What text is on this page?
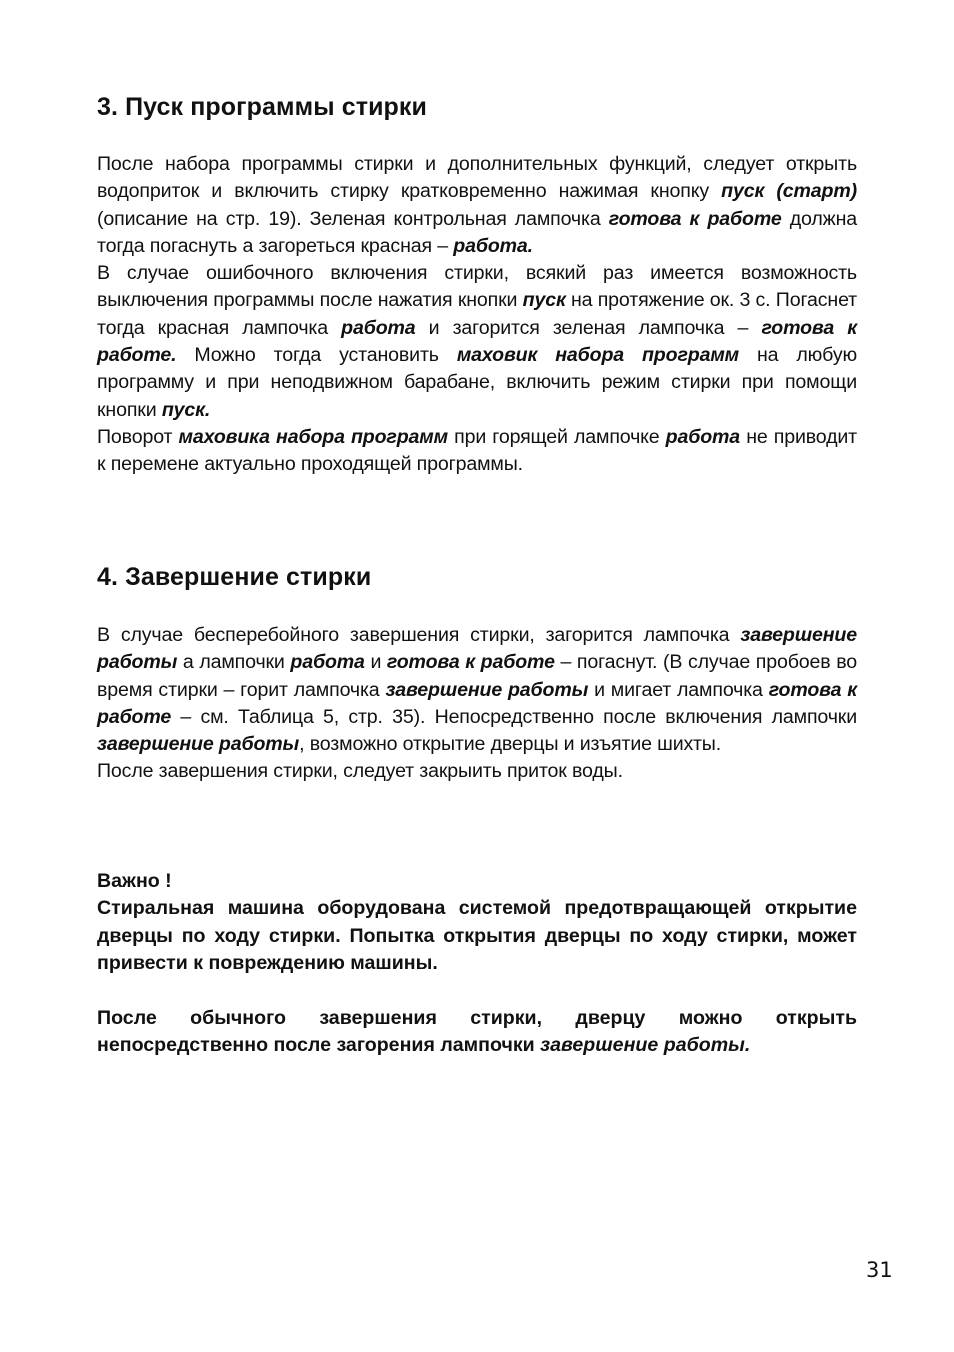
3. Пуск программы стирки
После набора программы стирки и дополнительных функций, следует открыть водоприток и включить стирку кратковременно нажимая кнопку пуск (старт) (описание на стр. 19). Зеленая контрольная лампочка готова к работе должна тогда погаснуть а загореться красная – работа.
В случае ошибочного включения стирки, всякий раз имеется возможность выключения программы после нажатия кнопки пуск на протяжение ок. 3 с. Погаснет тогда красная лампочка работа и загорится зеленая лампочка – готова к работе. Можно тогда установить маховик набора программ на любую программу и при неподвижном барабане, включить режим стирки при помощи кнопки пуск.
Поворот маховика набора программ при горящей лампочке работа не приводит к перемене актуально проходящей программы.
4. Завершение стирки
В случае бесперебойного завершения стирки, загорится лампочка завершение работы а лампочки работа и готова к работе – погаснут. (В случае пробоев во время стирки – горит лампочка завершение работы и мигает лампочка готова к работе – см. Таблица 5, стр. 35). Непосредственно после включения лампочки завершение работы, возможно открытие дверцы и изъятие шихты.
После завершения стирки, следует закрыить приток воды.
Важно !
Стиральная машина оборудована системой предотвращающей открытие дверцы по ходу стирки. Попытка открытия дверцы по ходу стирки, может привести к повреждению машины.
После обычного завершения стирки, дверцу можно открыть непосредственно после загорения лампочки завершение работы.
31
